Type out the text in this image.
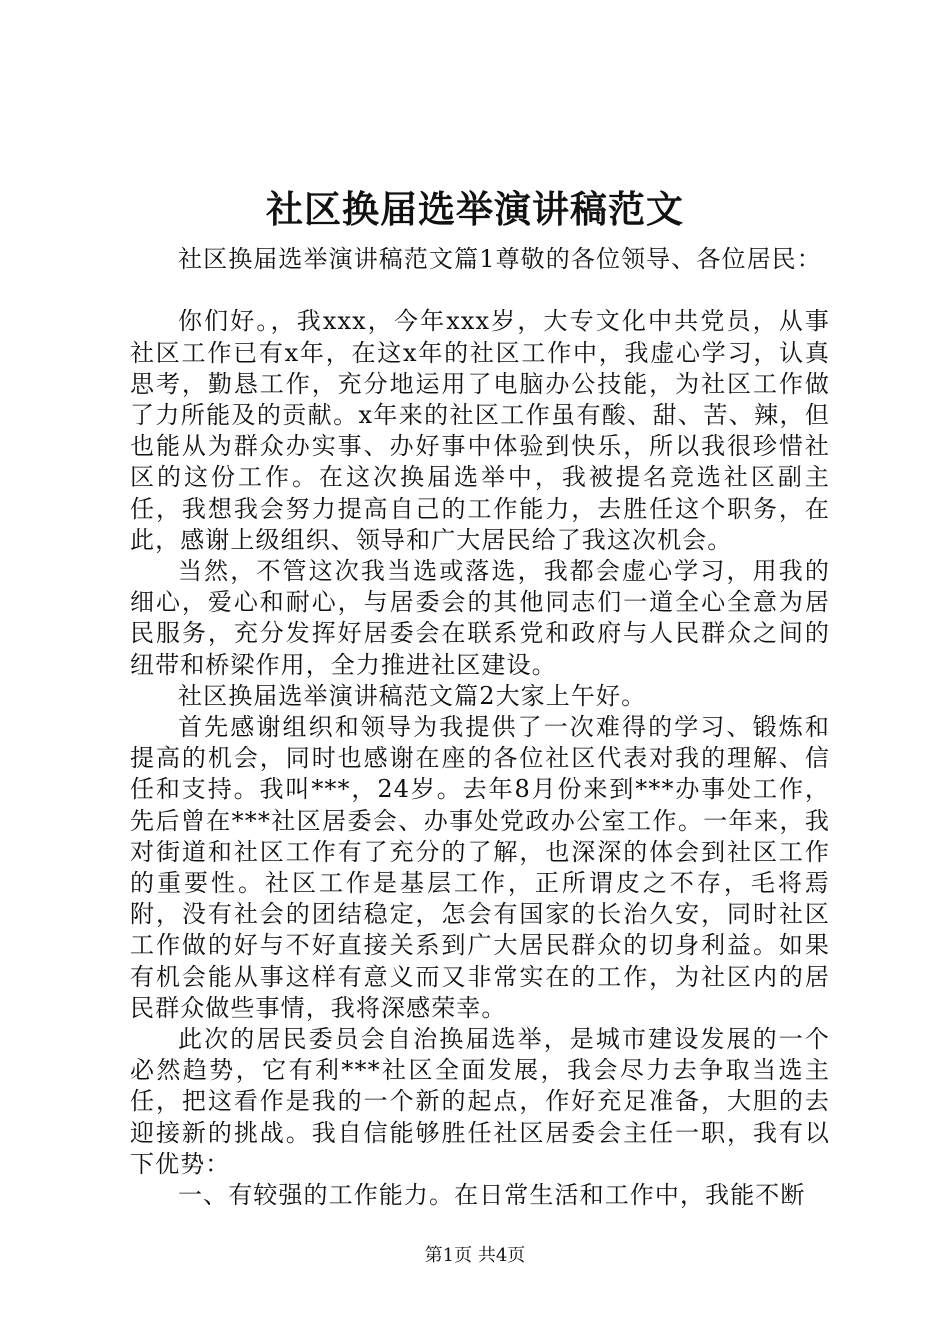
社区换届选举演讲稿范文

社区换届选举演讲稿范文篇1尊敬的各位领导、各位居民：

你们好。，我xxx，今年xxx岁，大专文化中共党员，从事社区工作已有x年，在这x年的社区工作中，我虚心学习，认真思考，勤恳工作，充分地运用了电脑办公技能，为社区工作做了力所能及的贡献。x年来的社区工作虽有酸、甜、苦、辣，但也能从为群众办实事、办好事中体验到快乐，所以我很珍惜社区的这份工作。在这次换届选举中，我被提名竞选社区副主任，我想我会努力提高自己的工作能力，去胜任这个职务，在此，感谢上级组织、领导和广大居民给了我这次机会。

当然，不管这次我当选或落选，我都会虚心学习，用我的细心，爱心和耐心，与居委会的其他同志们一道全心全意为居民服务，充分发挥好居委会在联系党和政府与人民群众之间的纽带和桥梁作用，全力推进社区建设。

社区换届选举演讲稿范文篇2大家上午好。

首先感谢组织和领导为我提供了一次难得的学习、锻炼和提高的机会，同时也感谢在座的各位社区代表对我的理解、信任和支持。我叫***，24岁。去年8月份来到***办事处工作，先后曾在***社区居委会、办事处党政办公室工作。一年来，我对街道和社区工作有了充分的了解，也深深的体会到社区工作的重要性。社区工作是基层工作，正所谓皮之不存，毛将焉附，没有社会的团结稳定，怎会有国家的长治久安，同时社区工作做的好与不好直接关系到广大居民群众的切身利益。如果有机会能从事这样有意义而又非常实在的工作，为社区内的居民群众做些事情，我将深感荣幸。

此次的居民委员会自治换届选举，是城市建设发展的一个必然趋势，它有利***社区全面发展，我会尽力去争取当选主任，把这看作是我的一个新的起点，作好充足准备，大胆的去迎接新的挑战。我自信能够胜任社区居委会主任一职，我有以下优势：

一、有较强的工作能力。在日常生活和工作中，我能不断

第1页 共4页
